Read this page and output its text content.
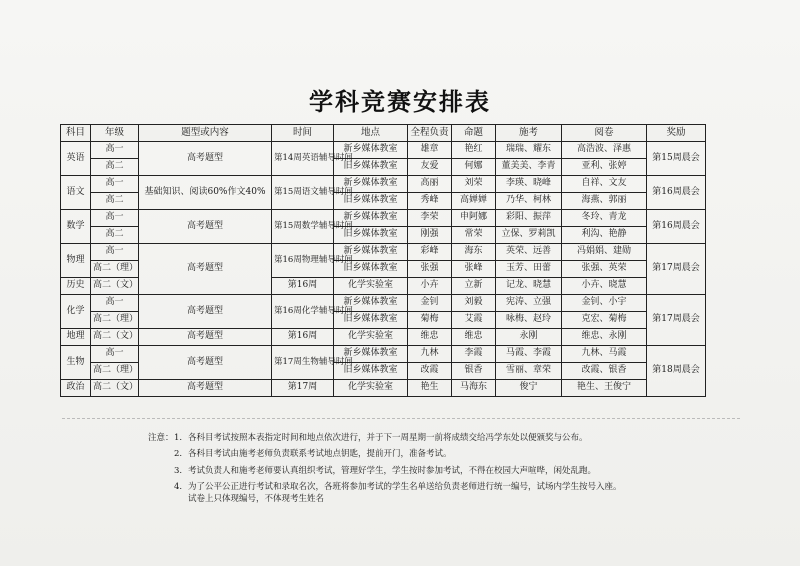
学科竞赛安排表
科目	年级	题型或内容	时间	地点	全程负责	命题	施考	阅卷	奖励
英语	高一	高考题型	第14周英语辅导时间	新乡媒体教室	雄章	艳红	瑞瑞、耀东	高浩波、泽惠	第15周晨会
	高二			旧乡媒体教室	友爱	何娜	董美美、李青	亚利、张婷	
语文	高一	基础知识、阅读60%作文40%	第15周语文辅导时间	新乡媒体教室	高丽	刘荣	李瑛、晓峰	自祥、文友	第16周晨会
	高二			旧乡媒体教室	秀峰	高婵婵	乃华、柯林	海燕、郭丽	
数学	高一	高考题型	第15周数学辅导时间	新乡媒体教室	李荣	申阿娜	彩阳、振萍	冬玲、青龙	第16周晨会
	高二			旧乡媒体教室	刚强	常荣	立保、罗莉凯	利沟、艳静	
物理	高一	高考题型	第16周物理辅导时间	新乡媒体教室	彩峰	海东	英荣、远善	冯娟娟、建勋	第17周晨会
	高二（理）			旧乡媒体教室	张强	张峰	玉芳、田蕾	张强、英荣	
历史	高二（文）		第16周	化学实验室	小卉	立新	记龙、晓慧	小卉、晓慧	
化学	高一	高考题型	第16周化学辅导时间	新乡媒体教室	金钊	刘毅	宪涛、立强	金钊、小宇	第17周晨会
	高二（理）			旧乡媒体教室	菊梅	艾霞	咏梅、赵玲	克宏、菊梅	
地理	高二（文）	高考题型	第16周	化学实验室	维忠	维忠	永刚	维忠、永刚	
生物	高一	高考题型	第17周生物辅导时间	新乡媒体教室	九林	李霞	马霞、李霞	九林、马霞	第18周晨会
	高二（理）			旧乡媒体教室	改霞	银香	雪丽、章荣	改霞、银香	
政治	高二（文）	高考题型	第17周	化学实验室	艳生	马海东	俊宁	艳生、王俊宁	
注意： 1. 各科目考试按照本表指定时间和地点依次进行，并于下一周星期一前将成绩交给冯学东处以便颁奖与公布。
2. 各科目考试由施考老师负责联系考试地点钥匙，提前开门，准备考试。
3. 考试负责人和施考老师要认真组织考试，管理好学生，学生按时参加考试，不得在校园大声喧哗，闲处乱跑。
4. 为了公平公正进行考试和录取名次，各班将参加考试的学生名单送给负责老师进行统一编号，试场内学生按号入座。
试卷上只体现编号，不体现考生姓名
